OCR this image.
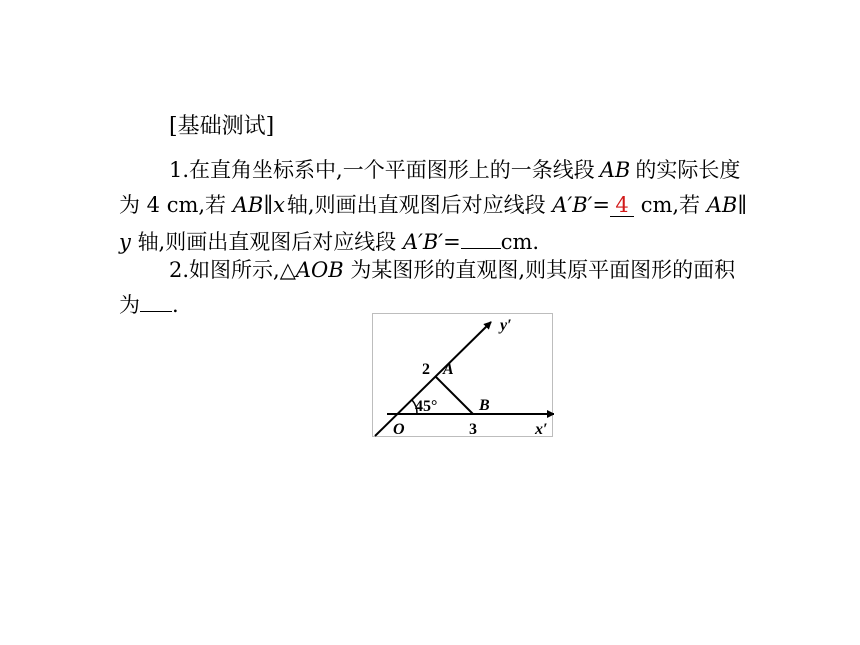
[基础测试]
1.在直角坐标系中,一个平面图形上的一条线段 AB 的实际长度
为 4 cm,若 AB∥x轴,则画出直观图后对应线段 A′B′= 4 cm,若 AB∥
y 轴,则画出直观图后对应线段 A′B′= cm.
2.如图所示,△AOB 为某图形的直观图,则其原平面图形的面积
为 .
y′
x′
O
A
B
2
3
45°
